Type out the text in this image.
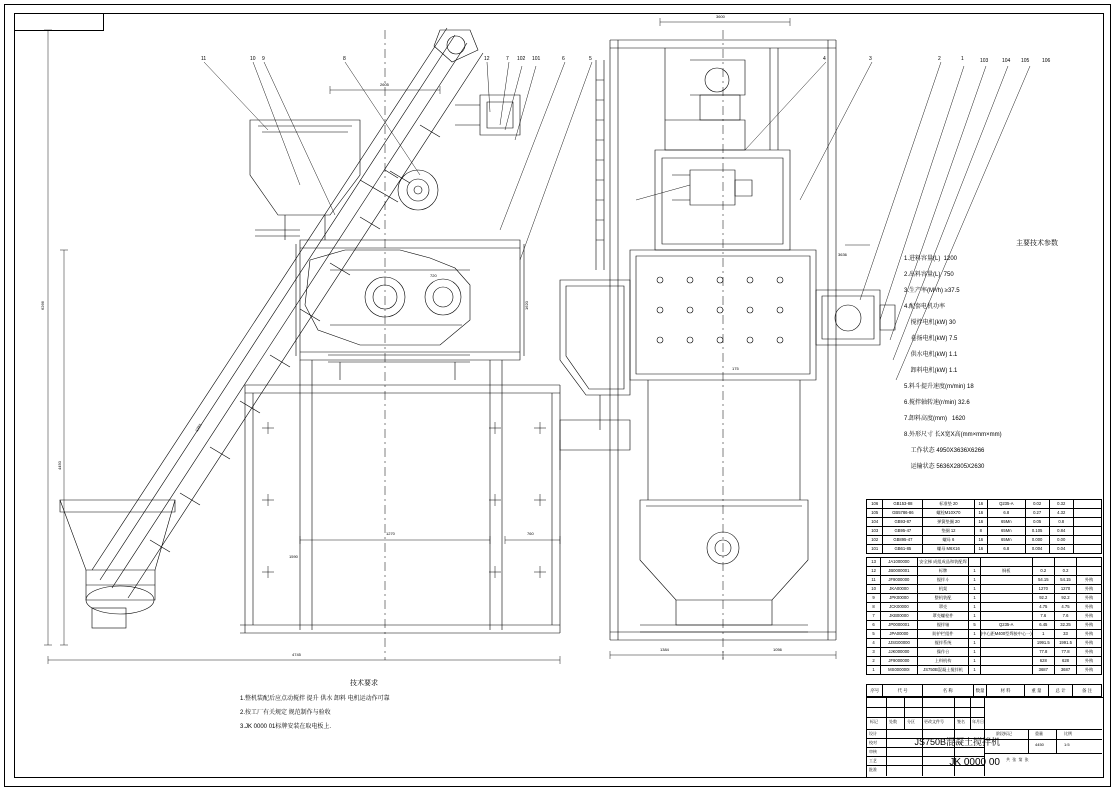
11	10 9	8	12	7 102 101	6	5	4	3	2	1	103	104 105	106
6266
4450
4745
1270	760
2605
3600
1384	1056
720
175
1590
1351
1620
3636
主要技术参数
1.进料容量(L)  1200
2.出料容量(L)  750
3.生产率(M³/h) ≥37.5
4.配套电机功率
搅拌电机(kW) 30
卷扬电机(kW) 7.5
供水电机(kW) 1.1
卸料电机(kW) 1.1
5.料斗提升速度(m/min) 18
6.搅拌轴转速(r/min) 32.6
7.卸料高度(mm)   1620
8.外形尺寸 长X宽X高(mm×mm×mm)
工作状态 4950X3636X6266
运输状态 5636X2805X2630
技术要求
1.整机装配后应点动搅拌 提升 供水 卸料 电机运动作可靠
2.按工厂有关规定 规范制作与验收
3.JK 0000 01标牌安装在取电板上.
106	GB153-88	标准垫 20	16	Q235-A	0.02	0.32	
105	GB5786-86	螺栓M10X70	16	6.8	0.27	4.32	
104	GB93-87	弹簧垫圈 20	16	65Mn	0.05	0.8	
103	GB95-47	垫圈 12	8	65Mn	0.105	0.84	
102	GB895-47	螺母 6	16	65Mn	0.000	0.00	
101	GB61-85	螺母 M6X16	16	6.8	0.004	0.04	
13	JA1000000	安全梯 成组成品和装配焊					
12	JB0000001	标牌	1	铜板	0.2	0.2	
11	JF9000000	搅拌斗	1		54.15	54.15	外购
10	JKA00000	机架	1		1270	1270	外购
9	JPK00000	整机装配	1		92.2	92.2	外购
8	JCK00000	罩壳	1		4.75	4.75	外购
7	JKB00000	罩壳螺栓件	1		7.6	7.6	外购
6	JP0000001	搅拌轴	5	Q235-A	6.45	32.25	外购
5	JPA00000	防护栏组件	1	(中心距M400型焊接中心一)	1	33	外购
4	JJSG00000	搅拌系统	1		1991.5	1991.5	外购
3	JJK000000	操作台	1		77.8	77.8	外购
2	JF9000000	上料机构	1		628	628	外购
1	MS000000I	JS750B混凝土搅拌机	1		3687	3687	外购
序号	代 号	名 称	数量	材 料	重 量	总 计	备 注
标记	处数	分区 更改文件号	签名 年月日
设计
校对
审核
工艺
批准
阶段标记	重量	比例
4450	1:5
共  张  第  张
JS750B混凝土搅拌机
JK 0000 00
